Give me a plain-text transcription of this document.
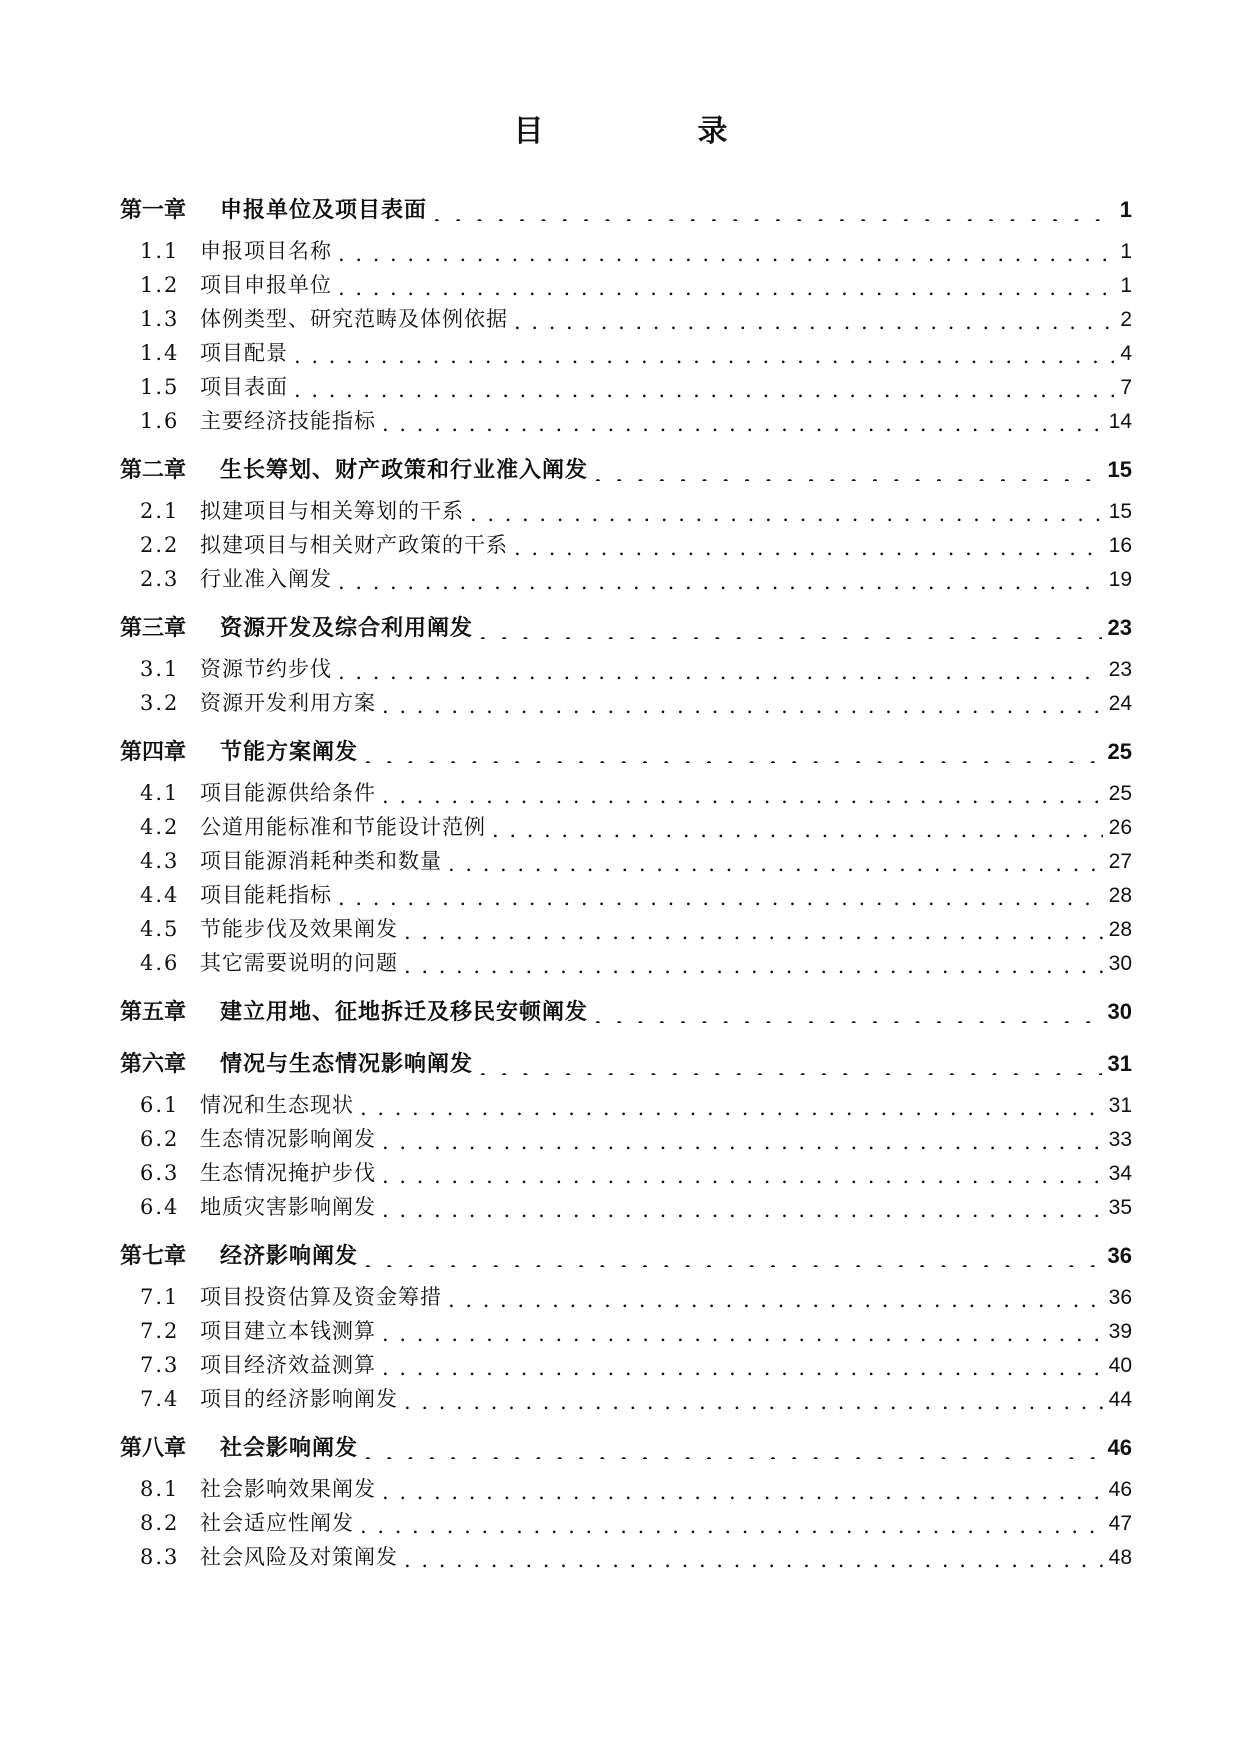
目　录
第一章	申报单位及项目表面 . . .	1
1.1 申报项目名称 . . .	1
1.2 项目申报单位 . . .	1
1.3 体例类型、研究范畴及体例依据 . . .	2
1.4 项目配景 . . .	4
1.5 项目表面 . . .	7
1.6 主要经济技能指标 . . .	14
第二章	生长筹划、财产政策和行业准入阐发 . . .	15
2.1 拟建项目与相关筹划的干系 . . .	15
2.2 拟建项目与相关财产政策的干系 . . .	16
2.3 行业准入阐发 . . .	19
第三章	资源开发及综合利用阐发 . . .	23
3.1 资源节约步伐 . . .	23
3.2 资源开发利用方案 . . .	24
第四章	节能方案阐发 . . .	25
4.1 项目能源供给条件 . . .	25
4.2 公道用能标准和节能设计范例 . . .	26
4.3 项目能源消耗种类和数量 . . .	27
4.4 项目能耗指标 . . .	28
4.5 节能步伐及效果阐发 . . .	28
4.6 其它需要说明的问题 . . .	30
第五章	建立用地、征地拆迁及移民安顿阐发 . . .	30
第六章	情况与生态情况影响阐发 . . .	31
6.1 情况和生态现状 . . .	31
6.2 生态情况影响阐发 . . .	33
6.3 生态情况掩护步伐 . . .	34
6.4 地质灾害影响阐发 . . .	35
第七章	经济影响阐发 . . .	36
7.1 项目投资估算及资金筹措 . . .	36
7.2 项目建立本钱测算 . . .	39
7.3 项目经济效益测算 . . .	40
7.4 项目的经济影响阐发 . . .	44
第八章	社会影响阐发 . . .	46
8.1 社会影响效果阐发 . . .	46
8.2 社会适应性阐发 . . .	47
8.3 社会风险及对策阐发 . . .	48
